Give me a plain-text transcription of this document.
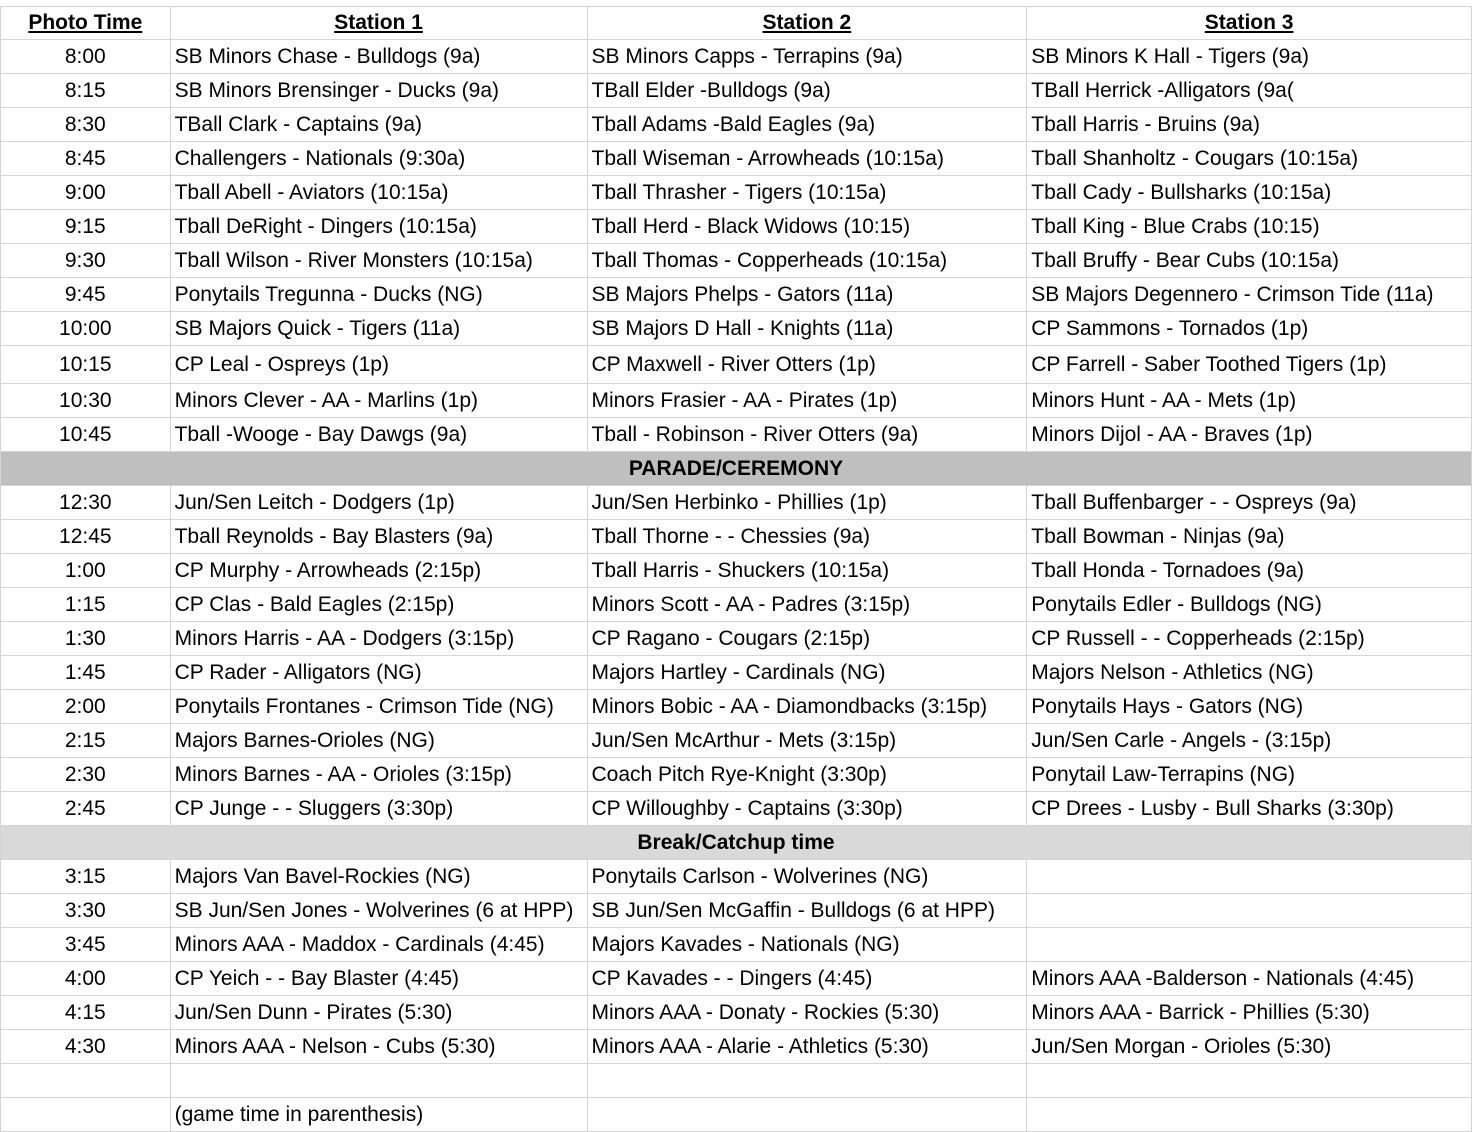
Photo Time	Station 1	Station 2	Station 3
8:00	SB Minors Chase - Bulldogs (9a)	SB Minors Capps - Terrapins (9a)	SB Minors K Hall - Tigers (9a)
8:15	SB Minors Brensinger - Ducks (9a)	TBall Elder -Bulldogs (9a)	TBall Herrick -Alligators (9a(
8:30	TBall Clark - Captains (9a)	Tball Adams -Bald Eagles (9a)	Tball Harris - Bruins (9a)
8:45	Challengers - Nationals (9:30a)	Tball Wiseman - Arrowheads (10:15a)	Tball Shanholtz - Cougars (10:15a)
9:00	Tball Abell - Aviators (10:15a)	Tball Thrasher - Tigers (10:15a)	Tball Cady - Bullsharks (10:15a)
9:15	Tball DeRight - Dingers (10:15a)	Tball Herd - Black Widows (10:15)	Tball King - Blue Crabs (10:15)
9:30	Tball Wilson - River Monsters (10:15a)	Tball Thomas - Copperheads (10:15a)	Tball Bruffy - Bear Cubs (10:15a)
9:45	Ponytails Tregunna - Ducks (NG)	SB Majors Phelps - Gators (11a)	SB Majors Degennero - Crimson Tide (11a)
10:00	SB Majors Quick - Tigers (11a)	SB Majors D Hall - Knights (11a)	CP Sammons - Tornados (1p)
10:15	CP Leal - Ospreys (1p)	CP Maxwell - River Otters (1p)	CP Farrell - Saber Toothed Tigers (1p)
10:30	Minors Clever - AA - Marlins (1p)	Minors Frasier - AA - Pirates (1p)	Minors Hunt - AA - Mets (1p)
10:45	Tball -Wooge - Bay Dawgs (9a)	Tball - Robinson - River Otters (9a)	Minors Dijol - AA - Braves (1p)
PARADE/CEREMONY			
12:30	Jun/Sen Leitch - Dodgers (1p)	Jun/Sen Herbinko - Phillies (1p)	Tball Buffenbarger - - Ospreys (9a)
12:45	Tball Reynolds - Bay Blasters (9a)	Tball Thorne - - Chessies (9a)	Tball Bowman - Ninjas (9a)
1:00	CP Murphy - Arrowheads (2:15p)	Tball Harris - Shuckers (10:15a)	Tball Honda - Tornadoes (9a)
1:15	CP Clas - Bald Eagles (2:15p)	Minors Scott - AA - Padres (3:15p)	Ponytails Edler - Bulldogs (NG)
1:30	Minors Harris - AA - Dodgers (3:15p)	CP Ragano - Cougars (2:15p)	CP Russell - - Copperheads (2:15p)
1:45	CP Rader - Alligators (NG)	Majors Hartley - Cardinals (NG)	Majors Nelson - Athletics (NG)
2:00	Ponytails Frontanes - Crimson Tide (NG)	Minors Bobic - AA - Diamondbacks (3:15p)	Ponytails Hays - Gators (NG)
2:15	Majors Barnes-Orioles (NG)	Jun/Sen McArthur - Mets (3:15p)	Jun/Sen Carle - Angels - (3:15p)
2:30	Minors Barnes - AA - Orioles (3:15p)	Coach Pitch Rye-Knight (3:30p)	Ponytail Law-Terrapins (NG)
2:45	CP Junge - - Sluggers (3:30p)	CP Willoughby - Captains (3:30p)	CP Drees - Lusby - Bull Sharks (3:30p)
Break/Catchup time			
3:15	Majors Van Bavel-Rockies (NG)	Ponytails Carlson - Wolverines (NG)	
3:30	SB Jun/Sen Jones - Wolverines (6 at HPP)	SB Jun/Sen McGaffin - Bulldogs (6 at HPP)	
3:45	Minors AAA - Maddox - Cardinals (4:45)	Majors Kavades - Nationals (NG)	
4:00	CP Yeich - - Bay Blaster (4:45)	CP Kavades - - Dingers (4:45)	Minors AAA -Balderson - Nationals (4:45)
4:15	Jun/Sen Dunn - Pirates (5:30)	Minors AAA - Donaty - Rockies (5:30)	Minors AAA - Barrick - Phillies (5:30)
4:30	Minors AAA - Nelson - Cubs (5:30)	Minors AAA - Alarie - Athletics (5:30)	Jun/Sen Morgan - Orioles (5:30)

	(game time in parenthesis)		
